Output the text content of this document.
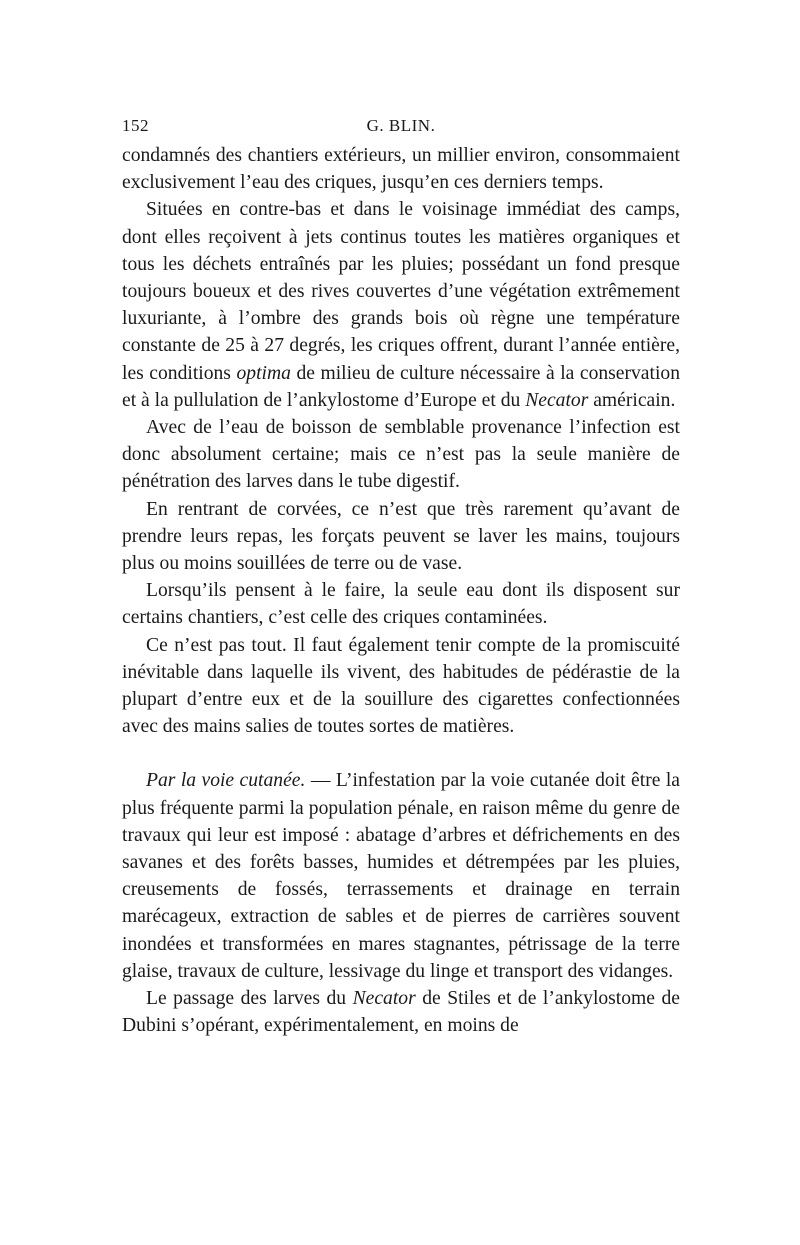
152	G. BLIN.

condamnés des chantiers extérieurs, un millier environ, consommaient exclusivement l’eau des criques, jusqu’en ces derniers temps.

Situées en contre-bas et dans le voisinage immédiat des camps, dont elles reçoivent à jets continus toutes les matières organiques et tous les déchets entraînés par les pluies; possédant un fond presque toujours boueux et des rives couvertes d’une végétation extrêmement luxuriante, à l’ombre des grands bois où règne une température constante de 25 à 27 degrés, les criques offrent, durant l’année entière, les conditions optima de milieu de culture nécessaire à la conservation et à la pullulation de l’ankylostome d’Europe et du Necator américain.

Avec de l’eau de boisson de semblable provenance l’infection est donc absolument certaine; mais ce n’est pas la seule manière de pénétration des larves dans le tube digestif.

En rentrant de corvées, ce n’est que très rarement qu’avant de prendre leurs repas, les forçats peuvent se laver les mains, toujours plus ou moins souillées de terre ou de vase.

Lorsqu’ils pensent à le faire, la seule eau dont ils disposent sur certains chantiers, c’est celle des criques contaminées.

Ce n’est pas tout. Il faut également tenir compte de la promiscuité inévitable dans laquelle ils vivent, des habitudes de pédérastie de la plupart d’entre eux et de la souillure des cigarettes confectionnées avec des mains salies de toutes sortes de matières.

Par la voie cutanée. — L’infestation par la voie cutanée doit être la plus fréquente parmi la population pénale, en raison même du genre de travaux qui leur est imposé : abatage d’arbres et défrichements en des savanes et des forêts basses, humides et détrempées par les pluies, creusements de fossés, terrassements et drainage en terrain marécageux, extraction de sables et de pierres de carrières souvent inondées et transformées en mares stagnantes, pétrissage de la terre glaise, travaux de culture, lessivage du linge et transport des vidanges.

Le passage des larves du Necator de Stiles et de l’ankylostome de Dubini s’opérant, expérimentalement, en moins de
